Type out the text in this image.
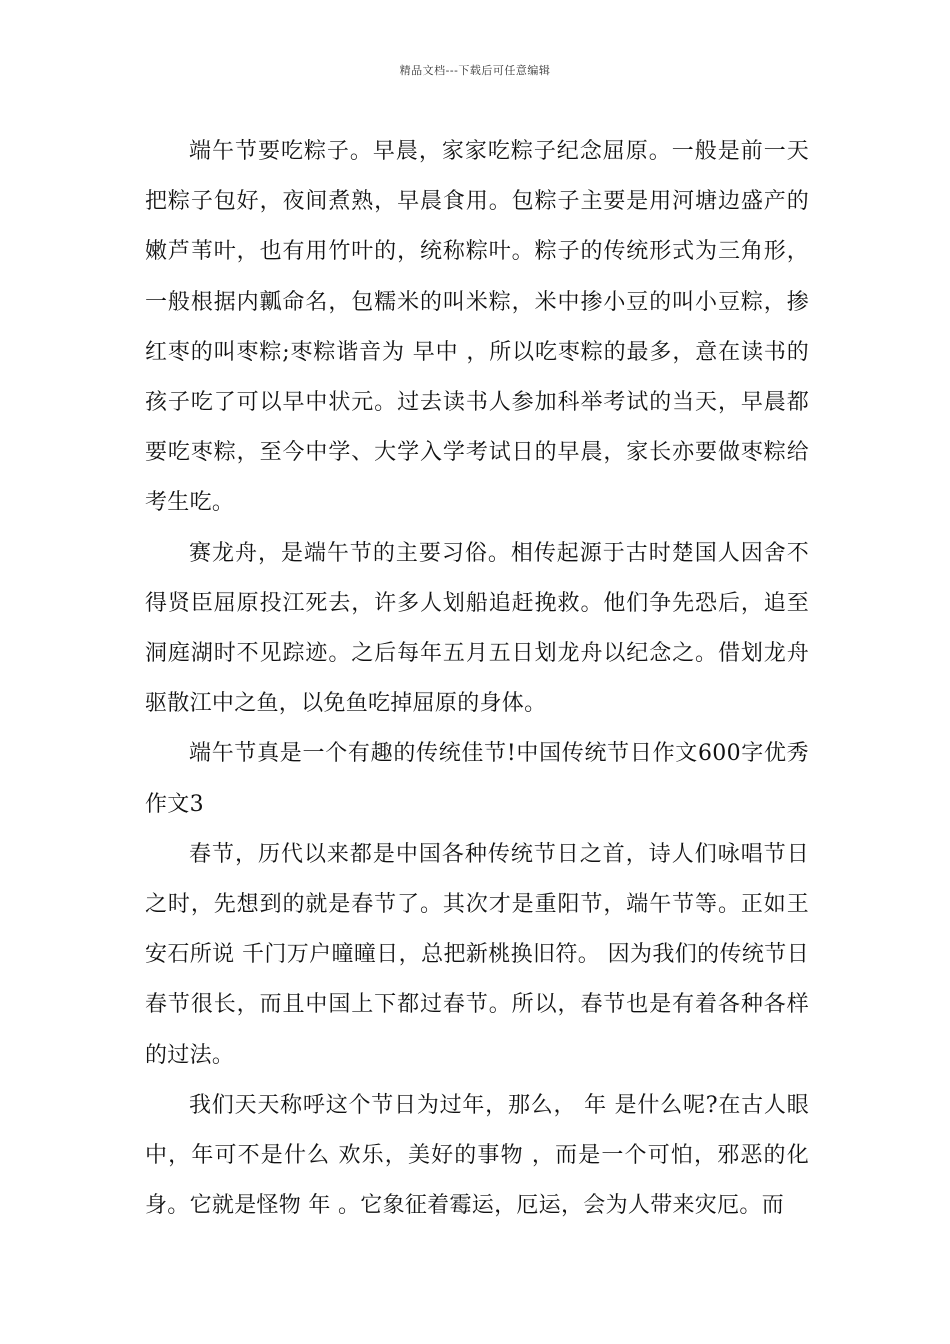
精品文档---下载后可任意编辑

端午节要吃粽子。早晨，家家吃粽子纪念屈原。一般是前一天把粽子包好，夜间煮熟，早晨食用。包粽子主要是用河塘边盛产的嫩芦苇叶，也有用竹叶的，统称粽叶。粽子的传统形式为三角形，一般根据内瓤命名，包糯米的叫米粽，米中掺小豆的叫小豆粽，掺红枣的叫枣粽;枣粽谐音为 早中 ，所以吃枣粽的最多，意在读书的孩子吃了可以早中状元。过去读书人参加科举考试的当天，早晨都要吃枣粽，至今中学、大学入学考试日的早晨，家长亦要做枣粽给考生吃。

赛龙舟，是端午节的主要习俗。相传起源于古时楚国人因舍不得贤臣屈原投江死去，许多人划船追赶挽救。他们争先恐后，追至洞庭湖时不见踪迹。之后每年五月五日划龙舟以纪念之。借划龙舟驱散江中之鱼，以免鱼吃掉屈原的身体。

端午节真是一个有趣的传统佳节!中国传统节日作文600字优秀作文3

春节，历代以来都是中国各种传统节日之首，诗人们咏唱节日之时，先想到的就是春节了。其次才是重阳节，端午节等。正如王安石所说 千门万户曈曈日，总把新桃换旧符。 因为我们的传统节日 春节很长，而且中国上下都过春节。所以，春节也是有着各种各样的过法。

我们天天称呼这个节日为过年，那么， 年 是什么呢?在古人眼中，年可不是什么 欢乐，美好的事物 ，而是一个可怕，邪恶的化身。它就是怪物 年 。它象征着霉运，厄运，会为人带来灾厄。而
